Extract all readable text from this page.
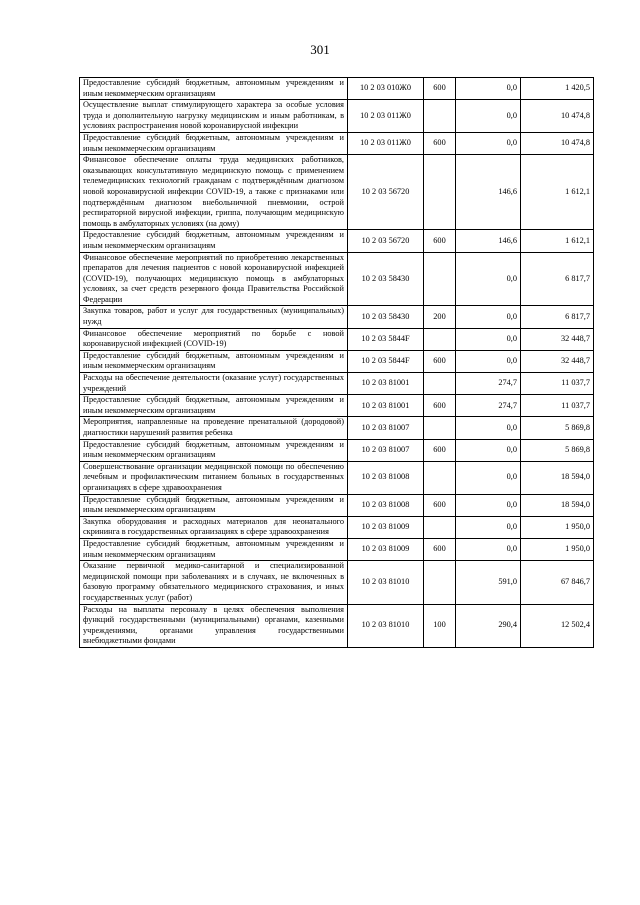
301
Предоставление субсидий бюджетным, автономным учреждениям и иным некоммерческим организациям	10 2 03 010Ж0	600	0,0	1 420,5
Осуществление выплат стимулирующего характера за особые условия труда и дополнительную нагрузку медицинским и иным работникам, в условиях распространения новой коронавирусной инфекции	10 2 03 011Ж0		0,0	10 474,8
Предоставление субсидий бюджетным, автономным учреждениям и иным некоммерческим организациям	10 2 03 011Ж0	600	0,0	10 474,8
Финансовое обеспечение оплаты труда медицинских работников, оказывающих консультативную медицинскую помощь с применением телемедицинских технологий гражданам с подтверждённым диагнозом новой коронавирусной инфекции COVID-19, а также с признаками или подтверждённым диагнозом внебольничной пневмонии, острой респираторной вирусной инфекции, гриппа, получающим медицинскую помощь в амбулаторных условиях (на дому)	10 2 03 56720		146,6	1 612,1
Предоставление субсидий бюджетным, автономным учреждениям и иным некоммерческим организациям	10 2 03 56720	600	146,6	1 612,1
Финансовое обеспечение мероприятий по приобретению лекарственных препаратов для лечения пациентов с новой коронавирусной инфекцией (COVID-19), получающих медицинскую помощь в амбулаторных условиях, за счет средств резервного фонда Правительства Российской Федерации	10 2 03 58430		0,0	6 817,7
Закупка товаров, работ и услуг для государственных (муниципальных) нужд	10 2 03 58430	200	0,0	6 817,7
Финансовое обеспечение мероприятий по борьбе с новой коронавирусной инфекцией (COVID-19)	10 2 03 5844F		0,0	32 448,7
Предоставление субсидий бюджетным, автономным учреждениям и иным некоммерческим организациям	10 2 03 5844F	600	0,0	32 448,7
Расходы на обеспечение деятельности (оказание услуг) государственных учреждений	10 2 03 81001		274,7	11 037,7
Предоставление субсидий бюджетным, автономным учреждениям и иным некоммерческим организациям	10 2 03 81001	600	274,7	11 037,7
Мероприятия, направленные на проведение пренатальной (дородовой) диагностики нарушений развития ребенка	10 2 03 81007		0,0	5 869,8
Предоставление субсидий бюджетным, автономным учреждениям и иным некоммерческим организациям	10 2 03 81007	600	0,0	5 869,8
Совершенствование организации медицинской помощи по обеспечению лечебным и профилактическим питанием больных в государственных организациях в сфере здравоохранения	10 2 03 81008		0,0	18 594,0
Предоставление субсидий бюджетным, автономным учреждениям и иным некоммерческим организациям	10 2 03 81008	600	0,0	18 594,0
Закупка оборудования и расходных материалов для неонатального скрининга в государственных организациях в сфере здравоохранения	10 2 03 81009		0,0	1 950,0
Предоставление субсидий бюджетным, автономным учреждениям и иным некоммерческим организациям	10 2 03 81009	600	0,0	1 950,0
Оказание первичной медико-санитарной и специализированной медицинской помощи при заболеваниях и в случаях, не включенных в базовую программу обязательного медицинского страхования, и иных государственных услуг (работ)	10 2 03 81010		591,0	67 846,7
Расходы на выплаты персоналу в целях обеспечения выполнения функций государственными (муниципальными) органами, казенными учреждениями, органами управления государственными внебюджетными фондами	10 2 03 81010	100	290,4	12 502,4
